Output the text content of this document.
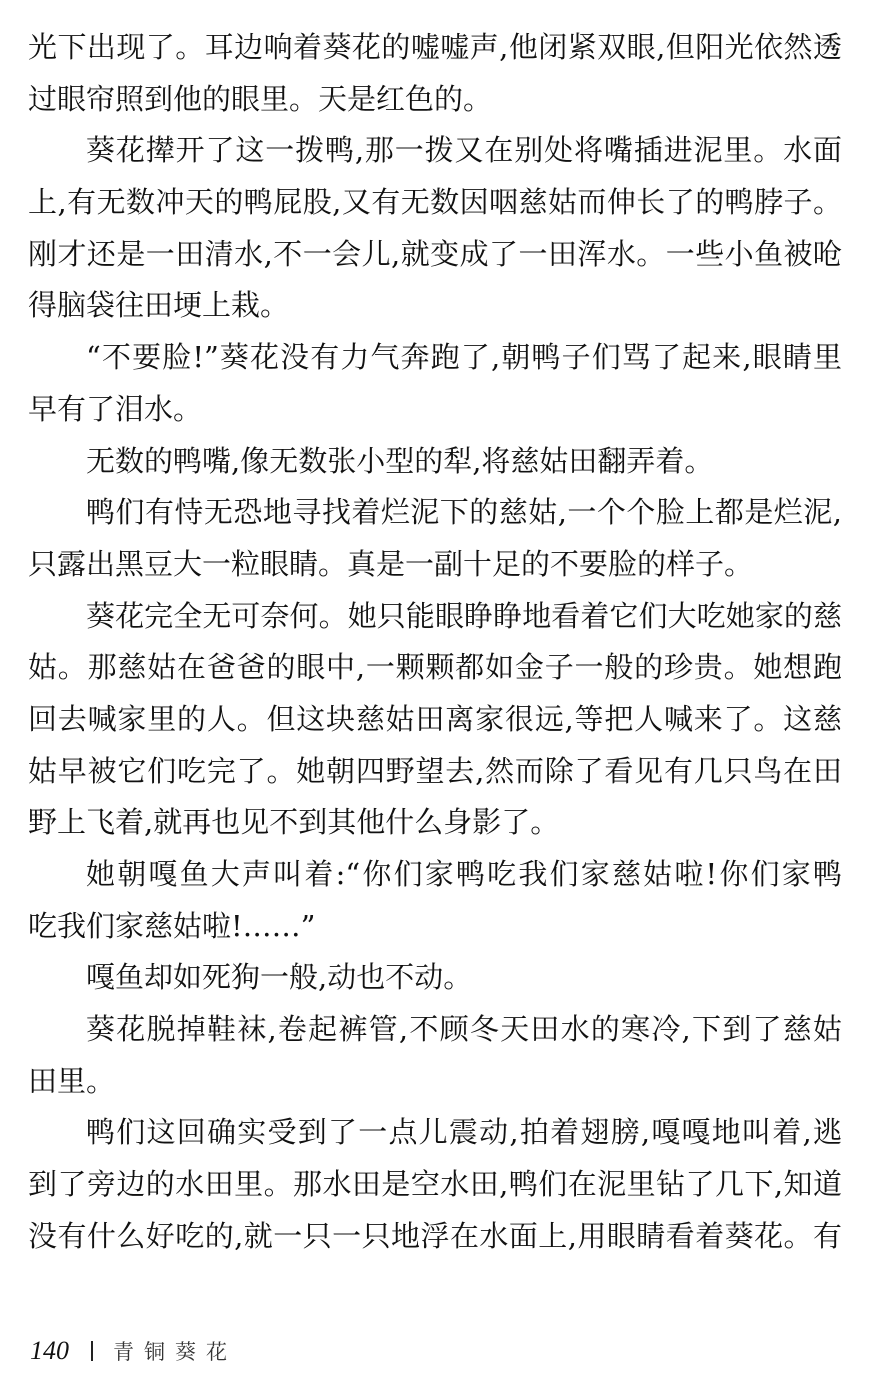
光下出现了。耳边响着葵花的嘘嘘声,他闭紧双眼,但阳光依然透
过眼帘照到他的眼里。天是红色的。
葵花撵开了这一拨鸭,那一拨又在别处将嘴插进泥里。水面
上,有无数冲天的鸭屁股,又有无数因咽慈姑而伸长了的鸭脖子。
刚才还是一田清水,不一会儿,就变成了一田浑水。一些小鱼被呛
得脑袋往田埂上栽。
“不要脸!”葵花没有力气奔跑了,朝鸭子们骂了起来,眼睛里
早有了泪水。
无数的鸭嘴,像无数张小型的犁,将慈姑田翻弄着。
鸭们有恃无恐地寻找着烂泥下的慈姑,一个个脸上都是烂泥,
只露出黑豆大一粒眼睛。真是一副十足的不要脸的样子。
葵花完全无可奈何。她只能眼睁睁地看着它们大吃她家的慈
姑。那慈姑在爸爸的眼中,一颗颗都如金子一般的珍贵。她想跑
回去喊家里的人。但这块慈姑田离家很远,等把人喊来了。这慈
姑早被它们吃完了。她朝四野望去,然而除了看见有几只鸟在田
野上飞着,就再也见不到其他什么身影了。
她朝嘎鱼大声叫着:“你们家鸭吃我们家慈姑啦!你们家鸭
吃我们家慈姑啦!……”
嘎鱼却如死狗一般,动也不动。
葵花脱掉鞋袜,卷起裤管,不顾冬天田水的寒冷,下到了慈姑
田里。
鸭们这回确实受到了一点儿震动,拍着翅膀,嘎嘎地叫着,逃
到了旁边的水田里。那水田是空水田,鸭们在泥里钻了几下,知道
没有什么好吃的,就一只一只地浮在水面上,用眼睛看着葵花。有
140 青铜葵花
